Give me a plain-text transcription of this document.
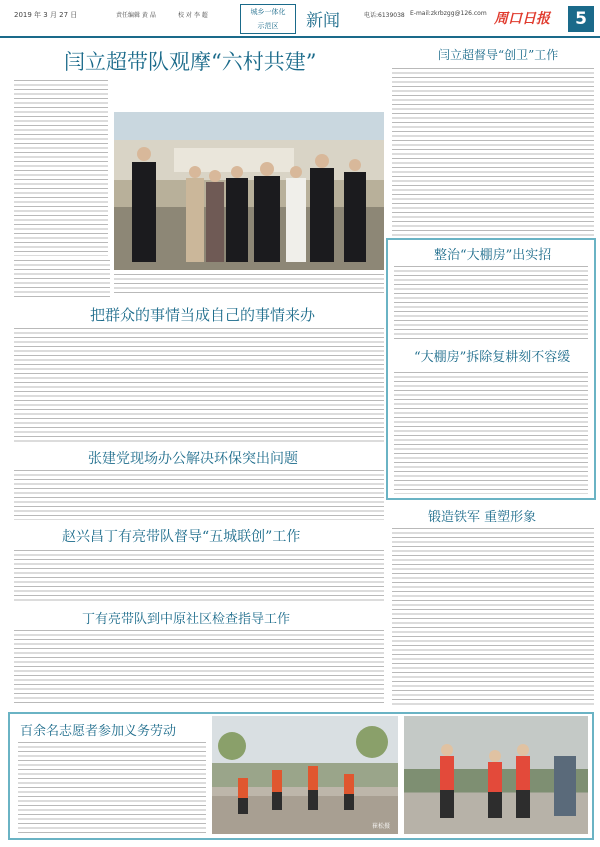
2019 年 3 月 27 日	责任编辑 黄 晶	校 对 李 超	城乡一体化
示范区	新闻	电话:6139038 E-mail:zkrbzgg@126.com 周口日报	5
闫立超带队观摩“六村共建”	闫立超督导“创卫”工作
整治“大棚房”出实招
“大棚房”拆除复耕刻不容缓
把群众的事情当成自己的事情来办
张建党现场办公解决环保突出问题
赵兴昌丁有亮带队督导“五城联创”工作
锻造铁军 重塑形象
丁有亮带队到中原社区检查指导工作
百余名志愿者参加义务劳动
崔松摄
